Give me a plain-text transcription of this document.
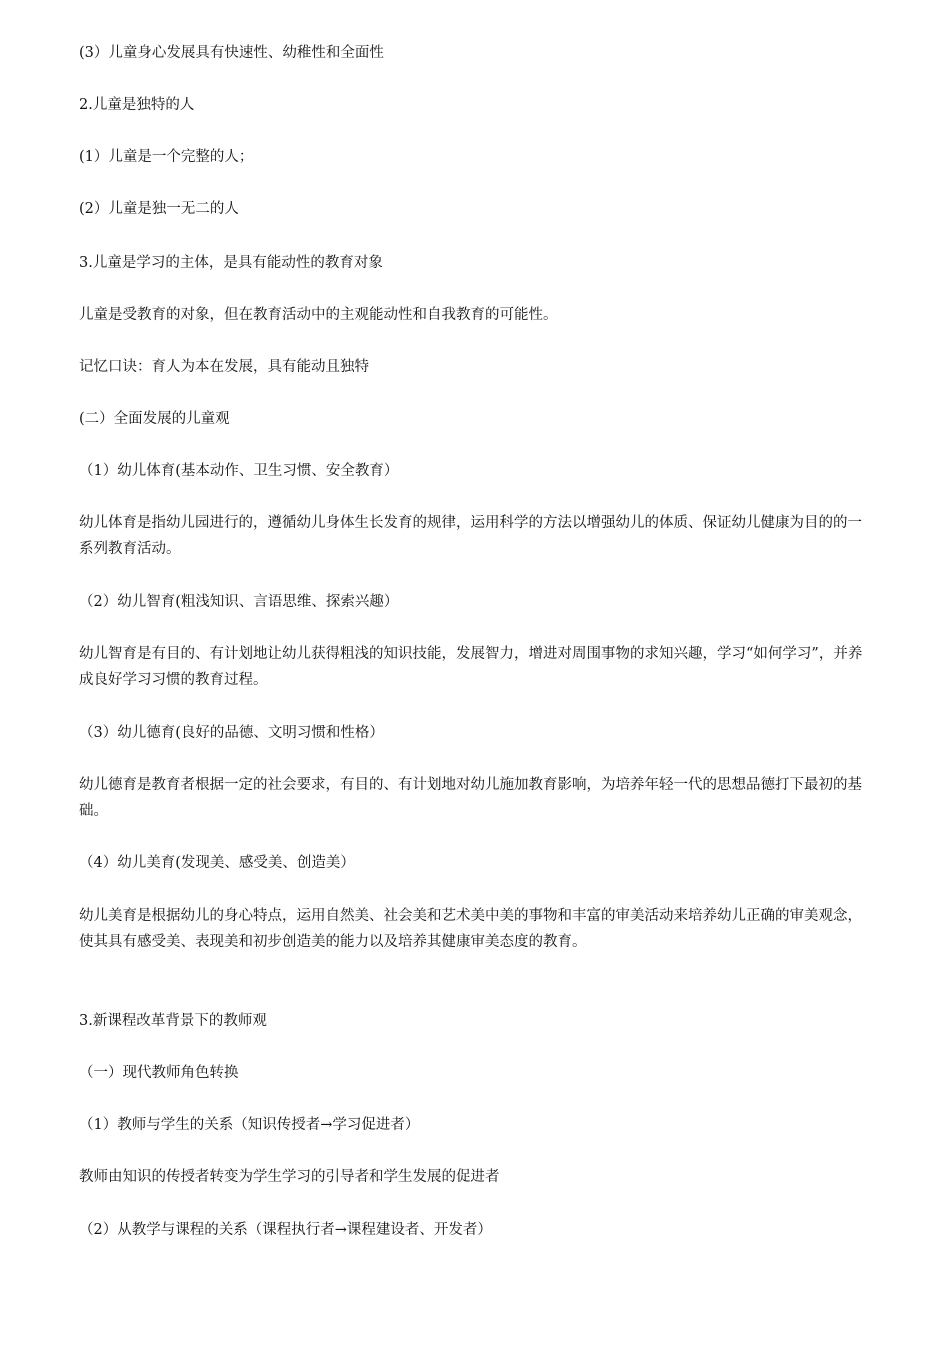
(3）儿童身心发展具有快速性、幼稚性和全面性
2.儿童是独特的人
(1）儿童是一个完整的人；
(2）儿童是独一无二的人
3.儿童是学习的主体，是具有能动性的教育对象
儿童是受教育的对象，但在教育活动中的主观能动性和自我教育的可能性。
记忆口诀：育人为本在发展，具有能动且独特
(二）全面发展的儿童观
（1）幼儿体育(基本动作、卫生习惯、安全教育）
幼儿体育是指幼儿园进行的，遵循幼儿身体生长发育的规律，运用科学的方法以增强幼儿的体质、保证幼儿健康为目的的一系列教育活动。
（2）幼儿智育(粗浅知识、言语思维、探索兴趣）
幼儿智育是有目的、有计划地让幼儿获得粗浅的知识技能，发展智力，增进对周围事物的求知兴趣，学习“如何学习”，并养成良好学习习惯的教育过程。
（3）幼儿德育(良好的品德、文明习惯和性格）
幼儿德育是教育者根据一定的社会要求，有目的、有计划地对幼儿施加教育影响，为培养年轻一代的思想品德打下最初的基础。
（4）幼儿美育(发现美、感受美、创造美）
幼儿美育是根据幼儿的身心特点，运用自然美、社会美和艺术美中美的事物和丰富的审美活动来培养幼儿正确的审美观念，使其具有感受美、表现美和初步创造美的能力以及培养其健康审美态度的教育。
3.新课程改革背景下的教师观
（一）现代教师角色转换
（1）教师与学生的关系（知识传授者→学习促进者）
教师由知识的传授者转变为学生学习的引导者和学生发展的促进者
（2）从教学与课程的关系（课程执行者→课程建设者、开发者）
